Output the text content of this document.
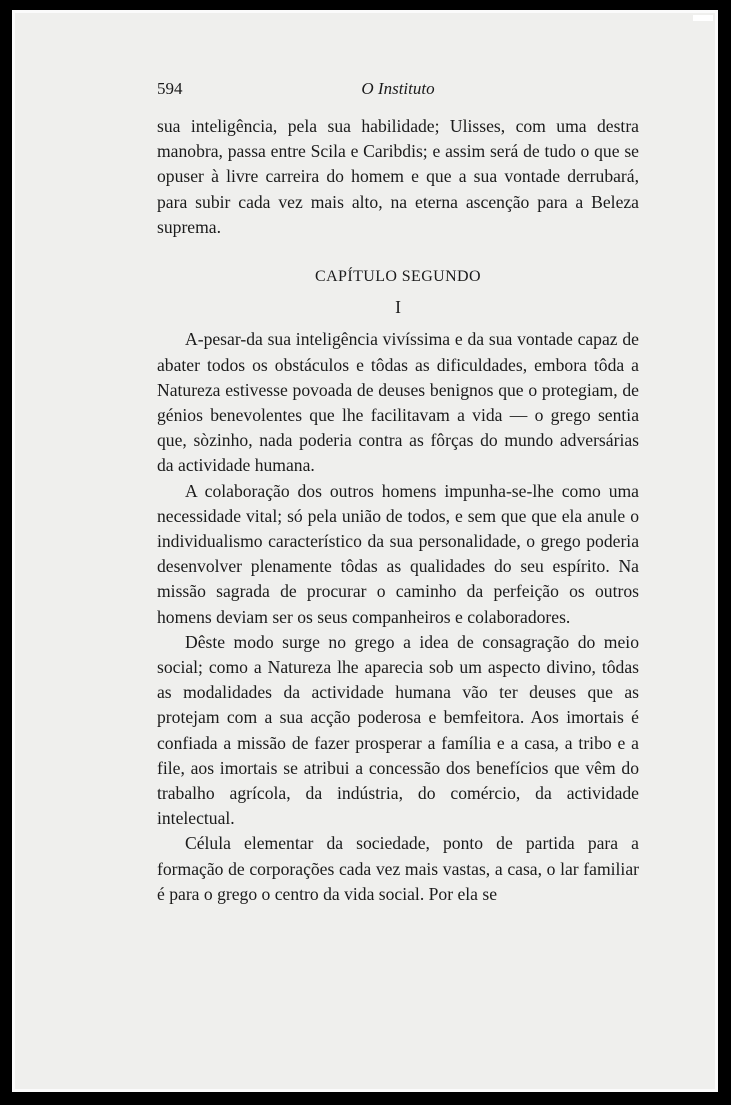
594	O Instituto

sua inteligência, pela sua habilidade; Ulisses, com uma destra manobra, passa entre Scila e Caribdis; e assim será de tudo o que se opuser à livre carreira do homem e que a sua vontade derrubará, para subir cada vez mais alto, na eterna ascenção para a Beleza suprema.

CAPÍTULO SEGUNDO
I

A-pesar-da sua inteligência vivíssima e da sua vontade capaz de abater todos os obstáculos e tôdas as dificuldades, embora tôda a Natureza estivesse povoada de deuses benignos que o protegiam, de génios benevolentes que lhe facilitavam a vida — o grego sentia que, sòzinho, nada poderia contra as fôrças do mundo adversárias da actividade humana.

A colaboração dos outros homens impunha-se-lhe como uma necessidade vital; só pela união de todos, e sem que que ela anule o individualismo característico da sua personalidade, o grego poderia desenvolver plenamente tôdas as qualidades do seu espírito. Na missão sagrada de procurar o caminho da perfeição os outros homens deviam ser os seus companheiros e colaboradores.

Dêste modo surge no grego a idea de consagração do meio social; como a Natureza lhe aparecia sob um aspecto divino, tôdas as modalidades da actividade humana vão ter deuses que as protejam com a sua acção poderosa e bemfeitora. Aos imortais é confiada a missão de fazer prosperar a família e a casa, a tribo e a file, aos imortais se atribui a concessão dos benefícios que vêm do trabalho agrícola, da indústria, do comércio, da actividade intelectual.

Célula elementar da sociedade, ponto de partida para a formação de corporações cada vez mais vastas, a casa, o lar familiar é para o grego o centro da vida social. Por ela se
